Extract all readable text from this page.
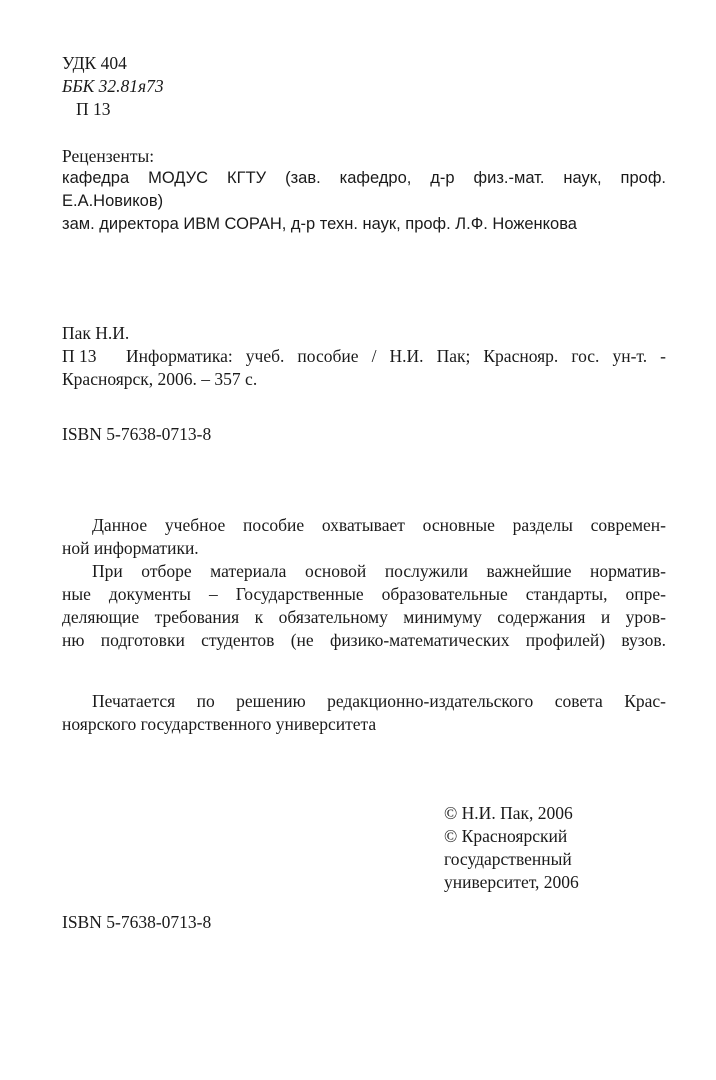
УДК 404
ББК 32.81я73
П 13
Рецензенты:
кафедра МОДУС КГТУ (зав. кафедро, д-р физ.-мат. наук, проф.
Е.А.Новиков)
зам. директора ИВМ СОРАН, д-р техн. наук, проф. Л.Ф. Ноженкова
Пак Н.И.
П 13	Информатика: учеб. пособие / Н.И. Пак; Краснояр. гос. ун-т. -
Красноярск, 2006. – 357 с.
ISBN 5-7638-0713-8
Данное учебное пособие охватывает основные разделы современ-
ной информатики.
При отборе материала основой послужили важнейшие норматив-
ные документы – Государственные образовательные стандарты, опре-
деляющие требования к обязательному минимуму содержания и уров-
ню подготовки студентов (не физико-математических профилей) вузов.
Печатается по решению редакционно-издательского совета Крас-
ноярского государственного университета
© Н.И. Пак, 2006
© Красноярский
государственный
университет, 2006
ISBN 5-7638-0713-8
